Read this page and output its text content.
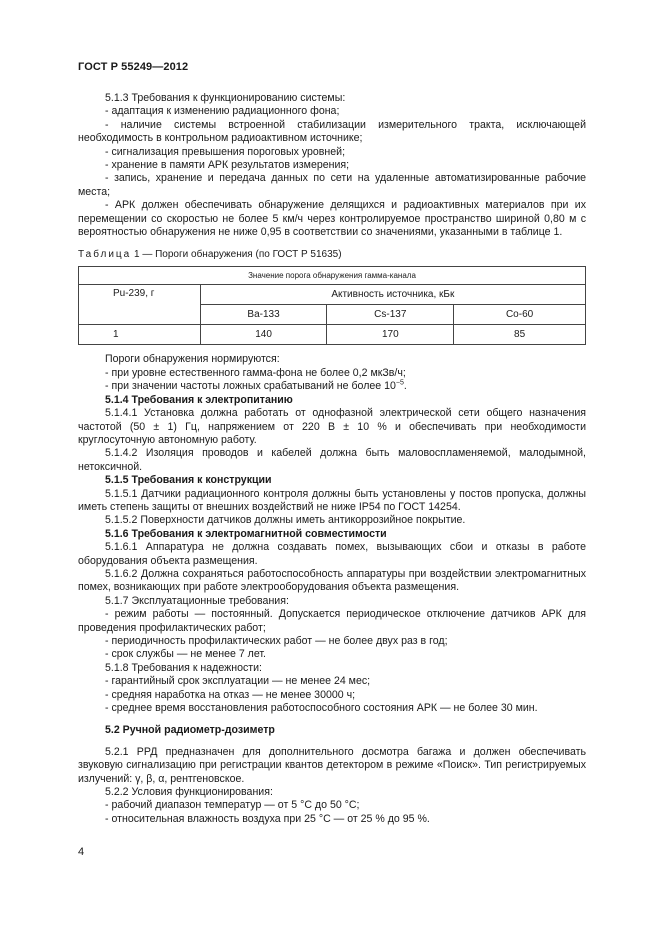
ГОСТ Р 55249—2012

5.1.3 Требования к функционированию системы:

- адаптация к изменению радиационного фона;

- наличие системы встроенной стабилизации измерительного тракта, исключающей необходимость в контрольном радиоактивном источнике;

- сигнализация превышения пороговых уровней;

- хранение в памяти АРК результатов измерения;

- запись, хранение и передача данных по сети на удаленные автоматизированные рабочие места;

- АРК должен обеспечивать обнаружение делящихся и радиоактивных материалов при их перемещении со скоростью не более 5 км/ч через контролируемое пространство шириной 0,80 м с вероятностью обнаружения не ниже 0,95 в соответствии со значениями, указанными в таблице 1.

Таблица 1 — Пороги обнаружения (по ГОСТ Р 51635)
Значение порога обнаружения гамма-канала			
Pu-239, г	Активность источника, кБк		
	Ba-133	Cs-137	Co-60
1	140	170	85

Пороги обнаружения нормируются:

- при уровне естественного гамма-фона не более 0,2 мкЗв/ч;

- при значении частоты ложных срабатываний не более $10^{-5}$.

5.1.4 Требования к электропитанию

5.1.4.1 Установка должна работать от однофазной электрической сети общего назначения частотой (50 ± 1) Гц, напряжением от 220 В ± 10 % и обеспечивать при необходимости круглосуточную автономную работу.

5.1.4.2 Изоляция проводов и кабелей должна быть маловоспламеняемой, малодымной, нетоксичной.

5.1.5 Требования к конструкции

5.1.5.1 Датчики радиационного контроля должны быть установлены у постов пропуска, должны иметь степень защиты от внешних воздействий не ниже IP54 по ГОСТ 14254.

5.1.5.2 Поверхности датчиков должны иметь антикоррозийное покрытие.

5.1.6 Требования к электромагнитной совместимости

5.1.6.1 Аппаратура не должна создавать помех, вызывающих сбои и отказы в работе оборудования объекта размещения.

5.1.6.2 Должна сохраняться работоспособность аппаратуры при воздействии электромагнитных помех, возникающих при работе электрооборудования объекта размещения.

5.1.7 Эксплуатационные требования:

- режим работы — постоянный. Допускается периодическое отключение датчиков АРК для проведения профилактических работ;

- периодичность профилактических работ — не более двух раз в год;

- срок службы — не менее 7 лет.

5.1.8 Требования к надежности:

- гарантийный срок эксплуатации — не менее 24 мес;

- средняя наработка на отказ — не менее 30000 ч;

- среднее время восстановления работоспособного состояния АРК — не более 30 мин.

5.2 Ручной радиометр-дозиметр

5.2.1 РРД предназначен для дополнительного досмотра багажа и должен обеспечивать звуковую сигнализацию при регистрации квантов детектором в режиме «Поиск». Тип регистрируемых излучений: γ, β, α, рентгеновское.

5.2.2 Условия функционирования:

- рабочий диапазон температур — от 5 °C до 50 °C;

- относительная влажность воздуха при 25 °C — от 25 % до 95 %.

4
